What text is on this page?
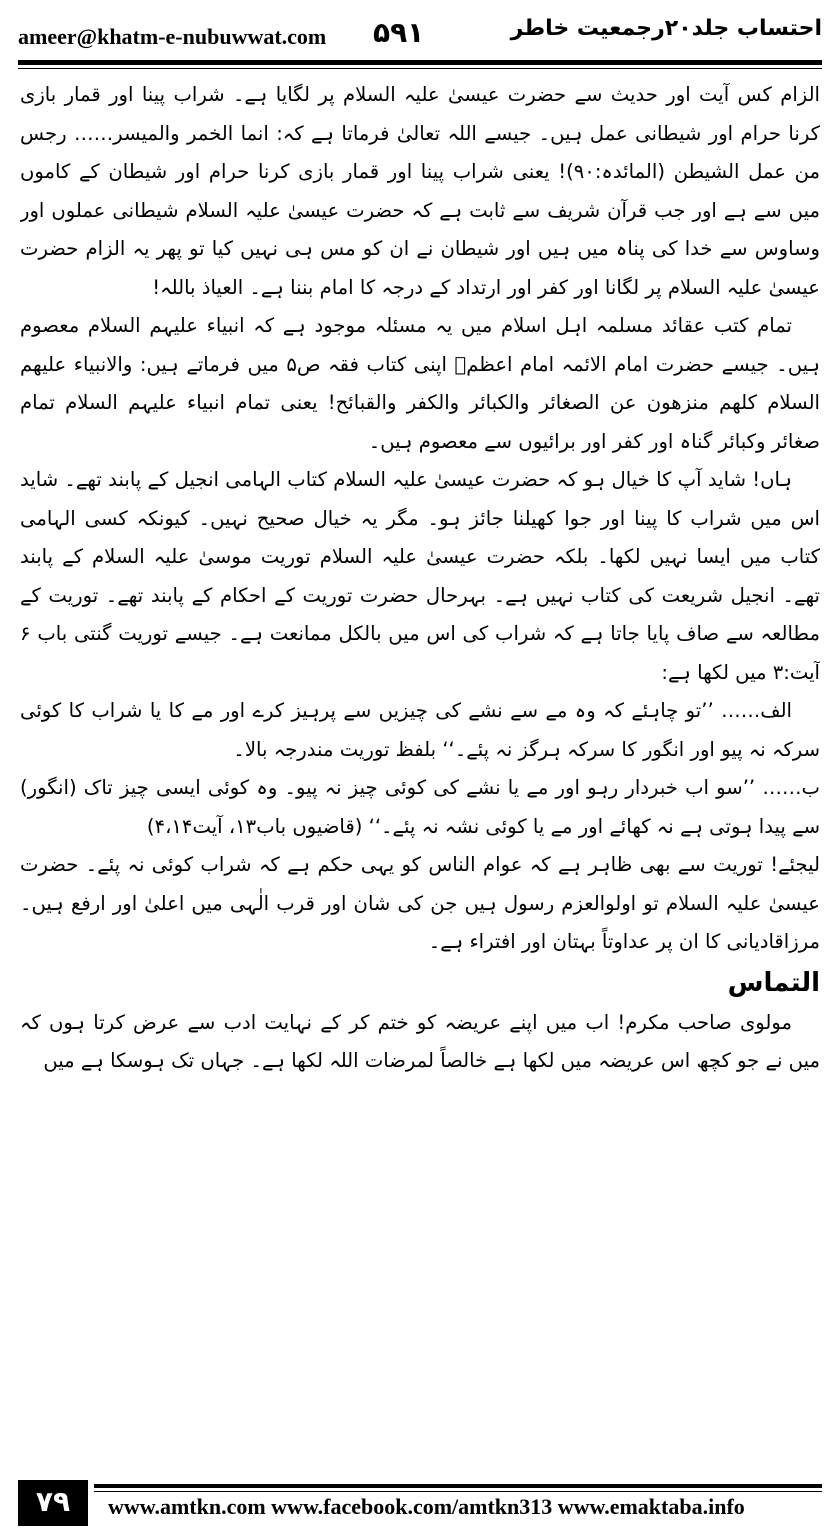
ameer@khatm-e-nubuwwat.com ۵۹۱	احتساب جلد۲۰رجمعیت خاطر

الزام کس آیت اور حدیث سے حضرت عیسیٰ علیہ السلام پر لگایا ہے۔ شراب پینا اور قمار بازی کرنا حرام اور شیطانی عمل ہیں۔ جیسے اللہ تعالیٰ فرماتا ہے کہ: انما الخمر والمیسر…… رجس من عمل الشیطن (المائدہ:۹۰)! یعنی شراب پینا اور قمار بازی کرنا حرام اور شیطان کے کاموں میں سے ہے اور جب قرآن شریف سے ثابت ہے کہ حضرت عیسیٰ علیہ السلام شیطانی عملوں اور وساوس سے خدا کی پناہ میں ہیں اور شیطان نے ان کو مس ہی نہیں کیا تو پھر یہ الزام حضرت عیسیٰ علیہ السلام پر لگانا اور کفر اور ارتداد کے درجہ کا امام بننا ہے۔ العیاذ باللہ!

تمام کتب عقائد مسلمہ اہل اسلام میں یہ مسئلہ موجود ہے کہ انبیاء علیہم السلام معصوم ہیں۔ جیسے حضرت امام الائمہ امام اعظمؒ اپنی کتاب فقہ ص۵ میں فرماتے ہیں: والانبیاء علیهم السلام کلهم منزهون عن الصغائر والکبائر والکفر والقبائح! یعنی تمام انبیاء علیہم السلام تمام صغائر وکبائر گناہ اور کفر اور برائیوں سے معصوم ہیں۔

ہاں! شاید آپ کا خیال ہو کہ حضرت عیسیٰ علیہ السلام کتاب الہامی انجیل کے پابند تھے۔ شاید اس میں شراب کا پینا اور جوا کھیلنا جائز ہو۔ مگر یہ خیال صحیح نہیں۔ کیونکہ کسی الہامی کتاب میں ایسا نہیں لکھا۔ بلکہ حضرت عیسیٰ علیہ السلام توریت موسیٰ علیہ السلام کے پابند تھے۔ انجیل شریعت کی کتاب نہیں ہے۔ بہرحال حضرت توریت کے احکام کے پابند تھے۔ توریت کے مطالعہ سے صاف پایا جاتا ہے کہ شراب کی اس میں بالکل ممانعت ہے۔ جیسے توریت گنتی باب ۶ آیت:۳ میں لکھا ہے:

الف…… ’’تو چاہئے کہ وہ مے سے نشے کی چیزیں سے پرہیز کرے اور مے کا یا شراب کا کوئی سرکہ نہ پیو اور انگور کا سرکہ ہرگز نہ پئے۔‘‘ بلفظ توریت مندرجہ بالا۔

ب…… ’’سو اب خبردار رہو اور مے یا نشے کی کوئی چیز نہ پیو۔ وہ کوئی ایسی چیز تاک (انگور) سے پیدا ہوتی ہے نہ کھائے اور مے یا کوئی نشہ نہ پئے۔‘‘ (قاضیوں باب۱۳، آیت۴،۱۴)

لیجئے! توریت سے بھی ظاہر ہے کہ عوام الناس کو یہی حکم ہے کہ شراب کوئی نہ پئے۔ حضرت عیسیٰ علیہ السلام تو اولوالعزم رسول ہیں جن کی شان اور قرب الٰہی میں اعلیٰ اور ارفع ہیں۔ مرزاقادیانی کا ان پر عداوتاً بہتان اور افتراء ہے۔

التماس

مولوی صاحب مکرم! اب میں اپنے عریضہ کو ختم کر کے نہایت ادب سے عرض کرتا ہوں کہ میں نے جو کچھ اس عریضہ میں لکھا ہے خالصاً لمرضات اللہ لکھا ہے۔ جہاں تک ہوسکا ہے میں

۷۹	www.amtkn.com www.facebook.com/amtkn313 www.emaktaba.info
